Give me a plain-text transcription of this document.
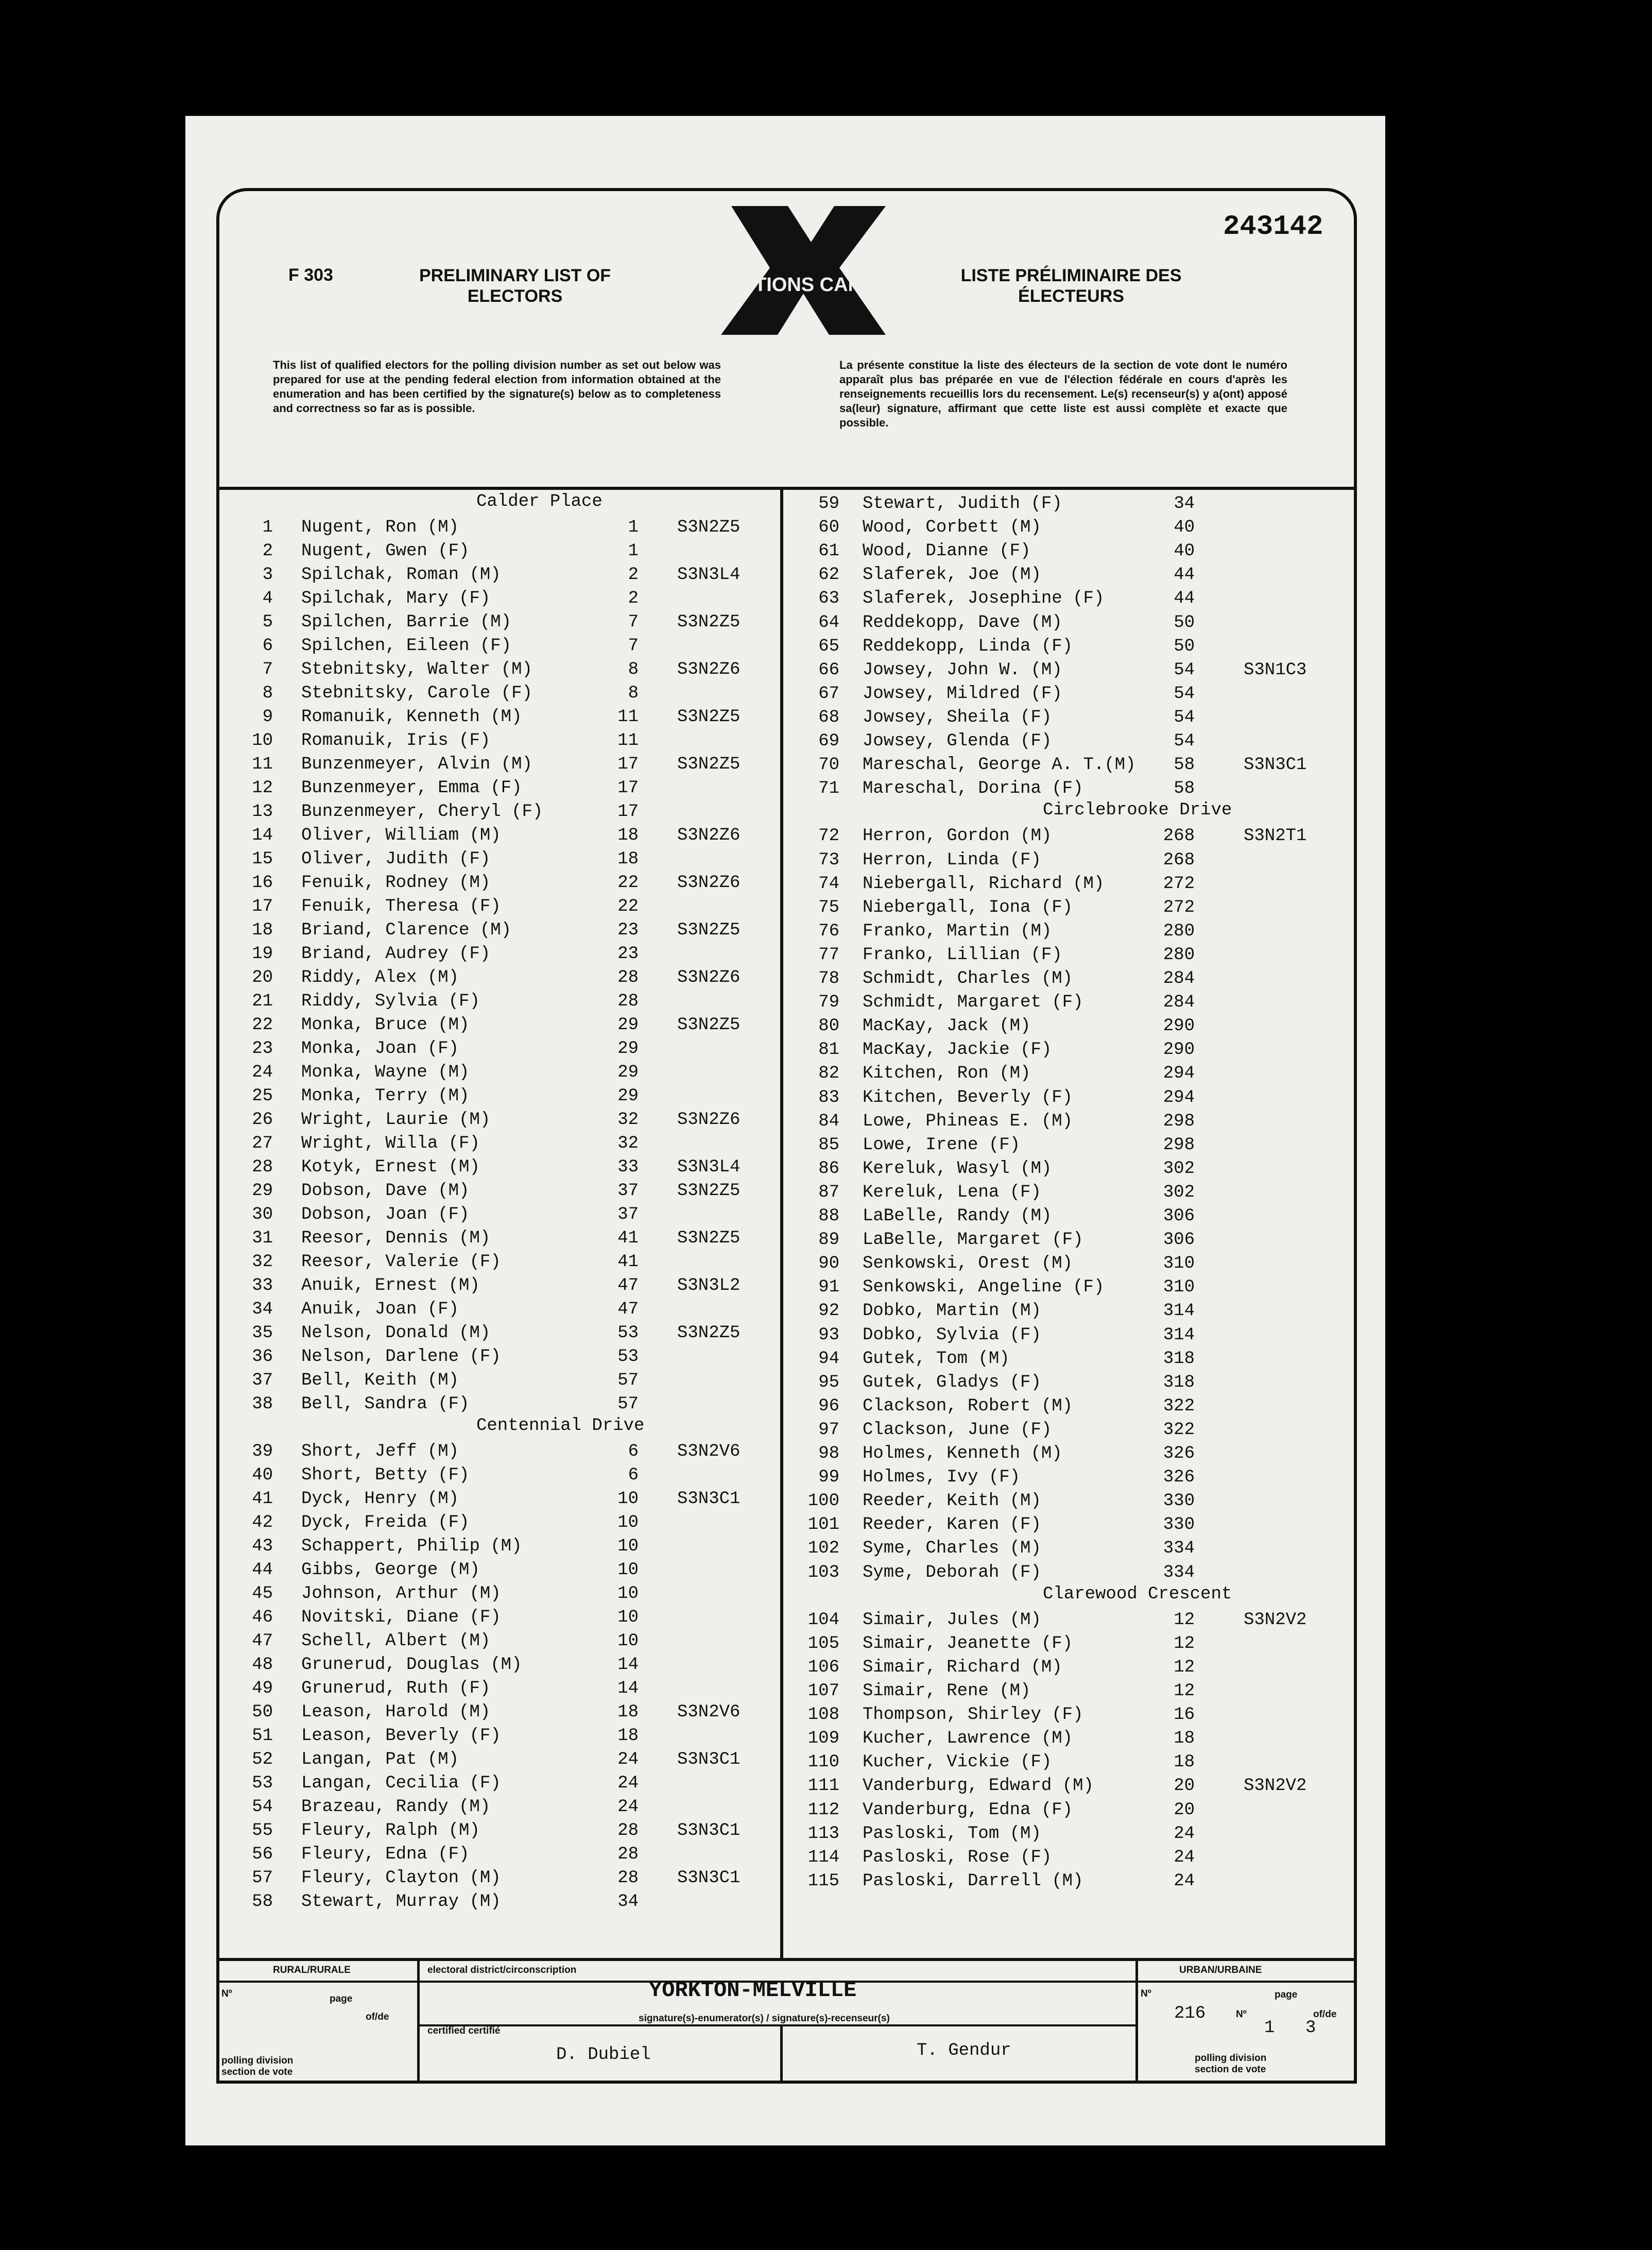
243142
F 303	PRELIMINARY LIST OF ELECTORS
LISTE PRÉLIMINAIRE DES ÉLECTEURS
ÉLECTIONS CANADA
This list of qualified electors for the polling division number as set out below was prepared for use at the pending federal election from information obtained at the enumeration and has been certified by the signature(s) below as to completeness and correctness so far as is possible.
La présente constitue la liste des électeurs de la section de vote dont le numéro apparaît plus bas préparée en vue de l'élection fédérale en cours d'après les renseignements recueillis lors du recensement. Le(s) recenseur(s) y a(ont) apposé sa(leur) signature, affirmant que cette liste est aussi complète et exacte que possible.
Calder Place
1 Nugent, Ron (M)	1 S3N2Z5
2 Nugent, Gwen (F)	1
3 Spilchak, Roman (M)	2 S3N3L4
4 Spilchak, Mary (F)	2
5 Spilchen, Barrie (M)	7 S3N2Z5
6 Spilchen, Eileen (F)	7
7 Stebnitsky, Walter (M)	8 S3N2Z6
8 Stebnitsky, Carole (F)	8
9 Romanuik, Kenneth (M)	11 S3N2Z5
10 Romanuik, Iris (F)	11
11 Bunzenmeyer, Alvin (M)	17 S3N2Z5
12 Bunzenmeyer, Emma (F)	17
13 Bunzenmeyer, Cheryl (F)	17
14 Oliver, William (M)	18 S3N2Z6
15 Oliver, Judith (F)	18
16 Fenuik, Rodney (M)	22 S3N2Z6
17 Fenuik, Theresa (F)	22
18 Briand, Clarence (M)	23 S3N2Z5
19 Briand, Audrey (F)	23
20 Riddy, Alex (M)	28 S3N2Z6
21 Riddy, Sylvia (F)	28
22 Monka, Bruce (M)	29 S3N2Z5
23 Monka, Joan (F)	29
24 Monka, Wayne (M)	29
25 Monka, Terry (M)	29
26 Wright, Laurie (M)	32 S3N2Z6
27 Wright, Willa (F)	32
28 Kotyk, Ernest (M)	33 S3N3L4
29 Dobson, Dave (M)	37 S3N2Z5
30 Dobson, Joan (F)	37
31 Reesor, Dennis (M)	41 S3N2Z5
32 Reesor, Valerie (F)	41
33 Anuik, Ernest (M)	47 S3N3L2
34 Anuik, Joan (F)	47
35 Nelson, Donald (M)	53 S3N2Z5
36 Nelson, Darlene (F)	53
37 Bell, Keith (M)	57
38 Bell, Sandra (F)	57
Centennial Drive
39 Short, Jeff (M)	6 S3N2V6
40 Short, Betty (F)	6
41 Dyck, Henry (M)	10 S3N3C1
42 Dyck, Freida (F)	10
43 Schappert, Philip (M)	10
44 Gibbs, George (M)	10
45 Johnson, Arthur (M)	10
46 Novitski, Diane (F)	10
47 Schell, Albert (M)	10
48 Grunerud, Douglas (M)	14
49 Grunerud, Ruth (F)	14
50 Leason, Harold (M)	18 S3N2V6
51 Leason, Beverly (F)	18
52 Langan, Pat (M)	24 S3N3C1
53 Langan, Cecilia (F)	24
54 Brazeau, Randy (M)	24
55 Fleury, Ralph (M)	28 S3N3C1
56 Fleury, Edna (F)	28
57 Fleury, Clayton (M)	28 S3N3C1
58 Stewart, Murray (M)	34
59 Stewart, Judith (F)	34
60 Wood, Corbett (M)	40
61 Wood, Dianne (F)	40
62 Slaferek, Joe (M)	44
63 Slaferek, Josephine (F)	44
64 Reddekopp, Dave (M)	50
65 Reddekopp, Linda (F)	50
66 Jowsey, John W. (M)	54	S3N1C3
67 Jowsey, Mildred (F)	54
68 Jowsey, Sheila (F)	54
69 Jowsey, Glenda (F)	54
70 Mareschal, George A. T.(M)	58	S3N3C1
71 Mareschal, Dorina (F)	58
Circlebrooke Drive
72 Herron, Gordon (M)	268	S3N2T1
73 Herron, Linda (F)	268
74 Niebergall, Richard (M)	272
75 Niebergall, Iona (F)	272
76 Franko, Martin (M)	280
77 Franko, Lillian (F)	280
78 Schmidt, Charles (M)	284
79 Schmidt, Margaret (F)	284
80 MacKay, Jack (M)	290
81 MacKay, Jackie (F)	290
82 Kitchen, Ron (M)	294
83 Kitchen, Beverly (F)	294
84 Lowe, Phineas E. (M)	298
85 Lowe, Irene (F)	298
86 Kereluk, Wasyl (M)	302
87 Kereluk, Lena (F)	302
88 LaBelle, Randy (M)	306
89 LaBelle, Margaret (F)	306
90 Senkowski, Orest (M)	310
91 Senkowski, Angeline (F)	310
92 Dobko, Martin (M)	314
93 Dobko, Sylvia (F)	314
94 Gutek, Tom (M)	318
95 Gutek, Gladys (F)	318
96 Clackson, Robert (M)	322
97 Clackson, June (F)	322
98 Holmes, Kenneth (M)	326
99 Holmes, Ivy (F)	326
100 Reeder, Keith (M)	330
101 Reeder, Karen (F)	330
102 Syme, Charles (M)	334
103 Syme, Deborah (F)	334
Clarewood Crescent
104 Simair, Jules (M)	12	S3N2V2
105 Simair, Jeanette (F)	12
106 Simair, Richard (M)	12
107 Simair, Rene (M)	12
108 Thompson, Shirley (F)	16
109 Kucher, Lawrence (M)	18
110 Kucher, Vickie (F)	18
111 Vanderburg, Edward (M)	20	S3N2V2
112 Vanderburg, Edna (F)	20
113 Pasloski, Tom (M)	24
114 Pasloski, Rose (F)	24
115 Pasloski, Darrell (M)	24
RURAL/RURALE	URBAN/URBAINE
Nº	page
of/de
polling division section de vote
electoral district/circonscription
YORKTON-MELVILLE
certified certifié
signature(s)-enumerator(s) / signature(s)-recenseur(s)
D. Dubiel	T. Gendur
Nº	page
216	Nº	of/de
1 3
polling division section de vote
